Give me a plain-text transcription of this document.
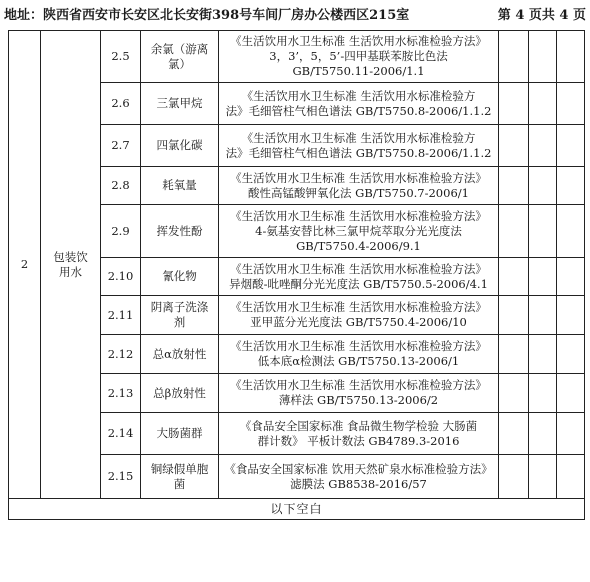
地址：陕西省西安市长安区北长安街398号车间厂房办公楼西区215室	第 4 页共 4 页
2	包装饮用水	2.5	余氯（游离氯）	《生活饮用水卫生标准 生活饮用水标准检验方法》
3，3’，5，5’-四甲基联苯胺比色法
GB/T5750.11-2006/1.1			

		2.6	三氯甲烷	《生活饮用水卫生标准 生活饮用水标准检验方
法》毛细管柱气相色谱法 GB/T5750.8-2006/1.1.2			

		2.7	四氯化碳	《生活饮用水卫生标准 生活饮用水标准检验方
法》毛细管柱气相色谱法 GB/T5750.8-2006/1.1.2			

		2.8	耗氧量	《生活饮用水卫生标准 生活饮用水标准检验方法》
酸性高锰酸钾氧化法 GB/T5750.7-2006/1			

		2.9	挥发性酚	《生活饮用水卫生标准 生活饮用水标准检验方法》
4-氨基安替比林三氯甲烷萃取分光光度法
GB/T5750.4-2006/9.1			

		2.10	氰化物	《生活饮用水卫生标准 生活饮用水标准检验方法》
异烟酸-吡唑酮分光光度法 GB/T5750.5-2006/4.1			

		2.11	阴离子洗涤剂	《生活饮用水卫生标准 生活饮用水标准检验方法》
亚甲蓝分光光度法 GB/T5750.4-2006/10			

		2.12	总α放射性	《生活饮用水卫生标准 生活饮用水标准检验方法》
低本底α检测法 GB/T5750.13-2006/1			

		2.13	总β放射性	《生活饮用水卫生标准 生活饮用水标准检验方法》
薄样法 GB/T5750.13-2006/2			

		2.14	大肠菌群	《食品安全国家标准 食品微生物学检验 大肠菌
群计数》 平板计数法 GB4789.3-2016			

		2.15	铜绿假单胞菌	《食品安全国家标准 饮用天然矿泉水标准检验方法》
滤膜法 GB8538-2016/57			

以下空白							
